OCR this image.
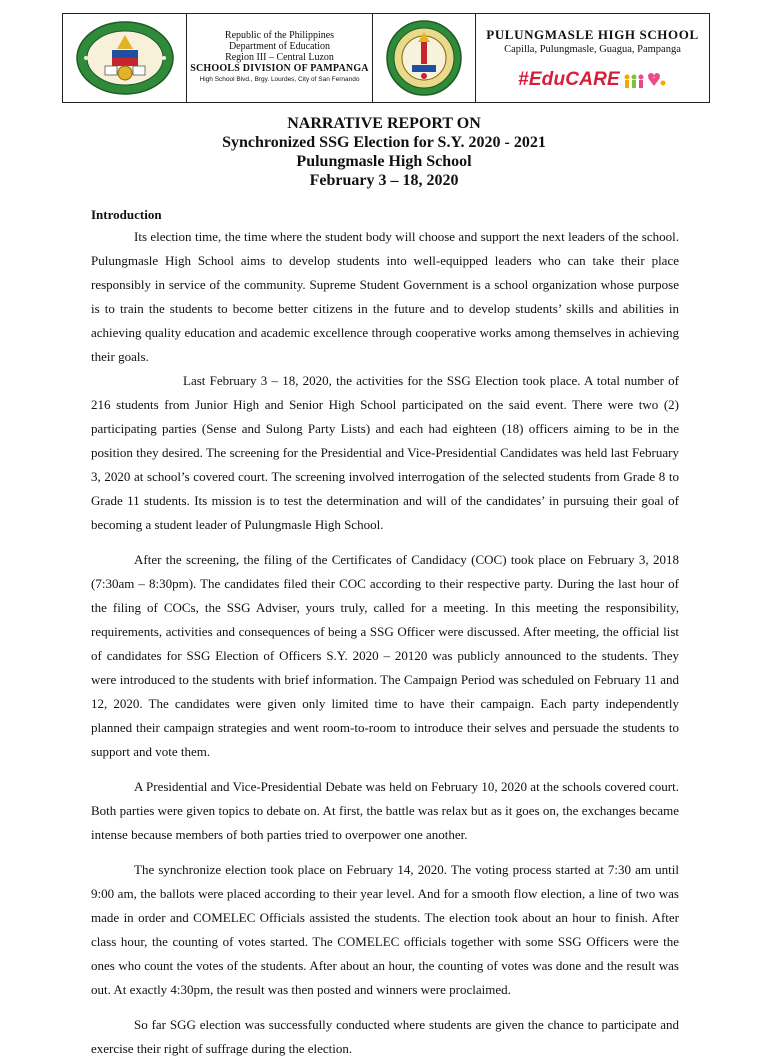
Republic of the Philippines
Department of Education
Region III – Central Luzon
SCHOOLS DIVISION OF PAMPANGA
High School Blvd., Brgy. Lourdes, City of San Fernando
PULUNGMASLE HIGH SCHOOL
Capilla, Pulungmasle, Guagua, Pampanga
#EduCARE
NARRATIVE REPORT ON
Synchronized SSG Election for S.Y. 2020 - 2021
Pulungmasle High School
February 3 – 18, 2020
Introduction

Its election time, the time where the student body will choose and support the next leaders of the school. Pulungmasle High School aims to develop students into well-equipped leaders who can take their place responsibly in service of the community. Supreme Student Government is a school organization whose purpose is to train the students to become better citizens in the future and to develop students’ skills and abilities in achieving quality education and academic excellence through cooperative works among themselves in achieving their goals.

Last February 3 – 18, 2020, the activities for the SSG Election took place. A total number of 216 students from Junior High and Senior High School participated on the said event. There were two (2) participating parties (Sense and Sulong Party Lists) and each had eighteen (18) officers aiming to be in the position they desired. The screening for the Presidential and Vice-Presidential Candidates was held last February 3, 2020 at school’s covered court. The screening involved interrogation of the selected students from Grade 8 to Grade 11 students. Its mission is to test the determination and will of the candidates’ in pursuing their goal of becoming a student leader of Pulungmasle High School.

After the screening, the filing of the Certificates of Candidacy (COC) took place on February 3, 2018 (7:30am – 8:30pm). The candidates filed their COC according to their respective party. During the last hour of the filing of COCs, the SSG Adviser, yours truly, called for a meeting. In this meeting the responsibility, requirements, activities and consequences of being a SSG Officer were discussed. After meeting, the official list of candidates for SSG Election of Officers S.Y. 2020 – 20120 was publicly announced to the students. They were introduced to the students with brief information. The Campaign Period was scheduled on February 11 and 12, 2020. The candidates were given only limited time to have their campaign. Each party independently planned their campaign strategies and went room-to-room to introduce their selves and persuade the students to support and vote them.

A Presidential and Vice-Presidential Debate was held on February 10, 2020 at the schools covered court. Both parties were given topics to debate on. At first, the battle was relax but as it goes on, the exchanges became intense because members of both parties tried to overpower one another.

The synchronize election took place on February 14, 2020. The voting process started at 7:30 am until 9:00 am, the ballots were placed according to their year level. And for a smooth flow election, a line of two was made in order and COMELEC Officials assisted the students. The election took about an hour to finish. After class hour, the counting of votes started. The COMELEC officials together with some SSG Officers were the ones who count the votes of the students. After about an hour, the counting of votes was done and the result was out. At exactly 4:30pm, the result was then posted and winners were proclaimed.

So far SGG election was successfully conducted where students are given the chance to participate and exercise their right of suffrage during the election.
